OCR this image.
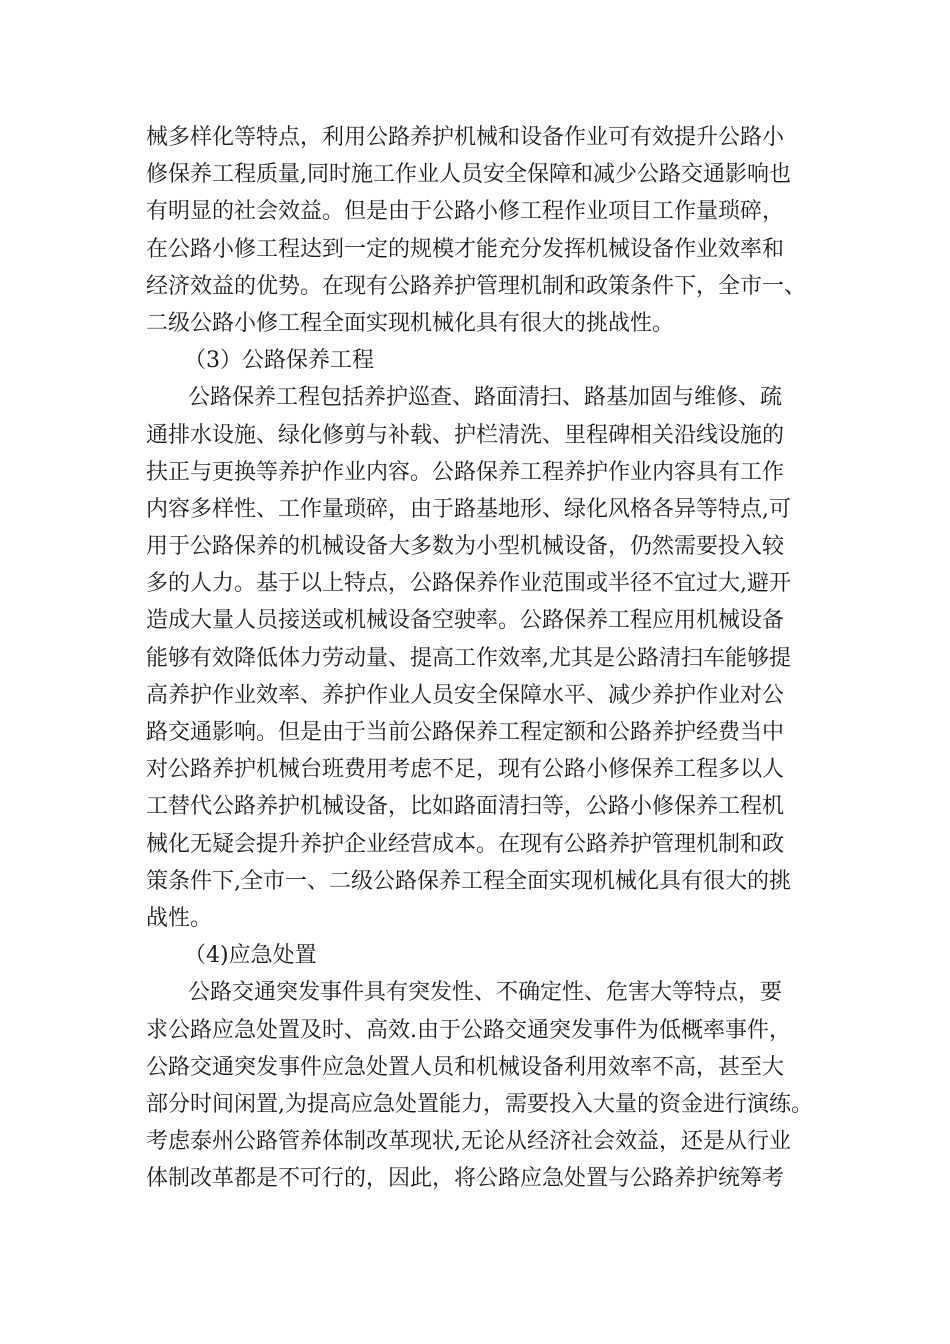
械多样化等特点，利用公路养护机械和设备作业可有效提升公路小
修保养工程质量,同时施工作业人员安全保障和减少公路交通影响也
有明显的社会效益。但是由于公路小修工程作业项目工作量琐碎，
在公路小修工程达到一定的规模才能充分发挥机械设备作业效率和
经济效益的优势。在现有公路养护管理机制和政策条件下，全市一、
二级公路小修工程全面实现机械化具有很大的挑战性。
（3）公路保养工程
公路保养工程包括养护巡查、路面清扫、路基加固与维修、疏
通排水设施、绿化修剪与补载、护栏清洗、里程碑相关沿线设施的
扶正与更换等养护作业内容。公路保养工程养护作业内容具有工作
内容多样性、工作量琐碎，由于路基地形、绿化风格各异等特点,可
用于公路保养的机械设备大多数为小型机械设备，仍然需要投入较
多的人力。基于以上特点，公路保养作业范围或半径不宜过大,避开
造成大量人员接送或机械设备空驶率。公路保养工程应用机械设备
能够有效降低体力劳动量、提高工作效率,尤其是公路清扫车能够提
高养护作业效率、养护作业人员安全保障水平、减少养护作业对公
路交通影响。但是由于当前公路保养工程定额和公路养护经费当中
对公路养护机械台班费用考虑不足，现有公路小修保养工程多以人
工替代公路养护机械设备，比如路面清扫等，公路小修保养工程机
械化无疑会提升养护企业经营成本。在现有公路养护管理机制和政
策条件下,全市一、二级公路保养工程全面实现机械化具有很大的挑
战性。
（4)应急处置
公路交通突发事件具有突发性、不确定性、危害大等特点，要
求公路应急处置及时、高效.由于公路交通突发事件为低概率事件，
公路交通突发事件应急处置人员和机械设备利用效率不高，甚至大
部分时间闲置,为提高应急处置能力，需要投入大量的资金进行演练。
考虑泰州公路管养体制改革现状,无论从经济社会效益，还是从行业
体制改革都是不可行的，因此，将公路应急处置与公路养护统筹考
